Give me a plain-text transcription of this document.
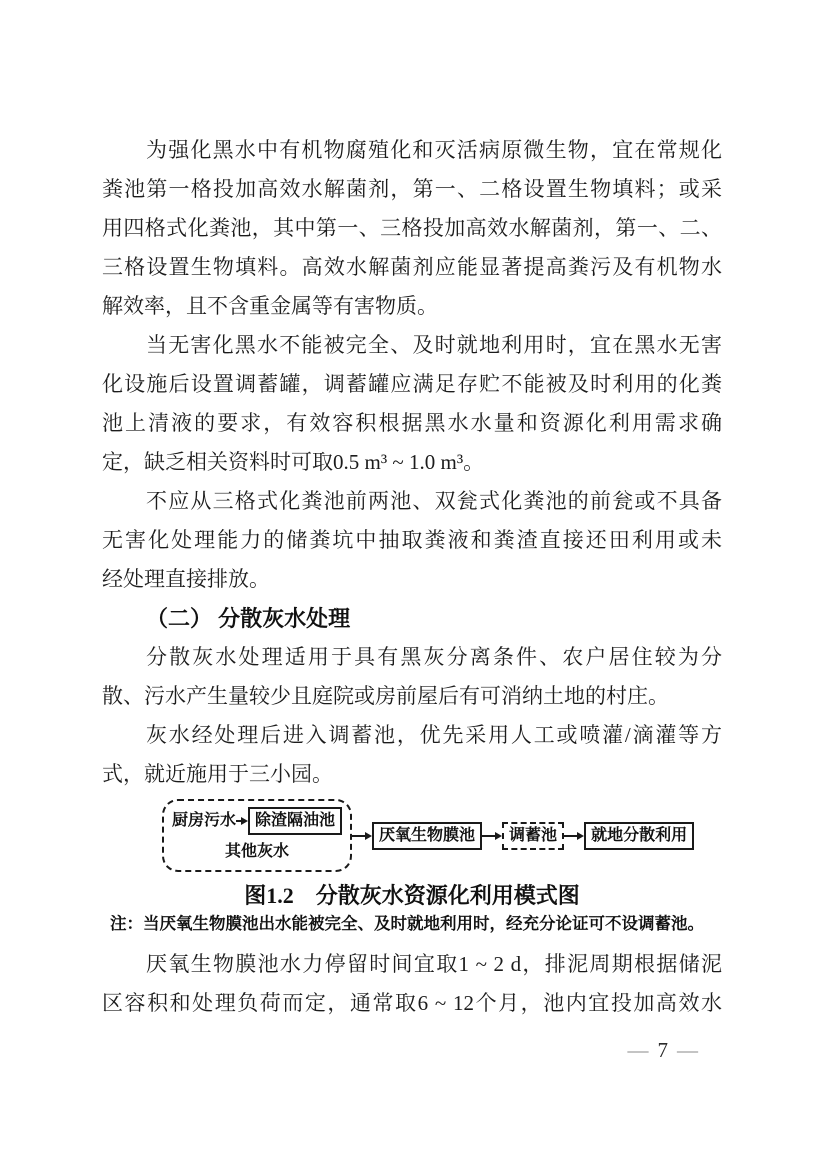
为强化黑水中有机物腐殖化和灭活病原微生物，宜在常规化
粪池第一格投加高效水解菌剂，第一、二格设置生物填料；或采
用四格式化粪池，其中第一、三格投加高效水解菌剂，第一、二、
三格设置生物填料。高效水解菌剂应能显著提高粪污及有机物水
解效率，且不含重金属等有害物质。
当无害化黑水不能被完全、及时就地利用时，宜在黑水无害
化设施后设置调蓄罐，调蓄罐应满足存贮不能被及时利用的化粪
池上清液的要求，有效容积根据黑水水量和资源化利用需求确
定，缺乏相关资料时可取0.5 m³ ~ 1.0 m³。
不应从三格式化粪池前两池、双瓮式化粪池的前瓮或不具备
无害化处理能力的储粪坑中抽取粪液和粪渣直接还田利用或未
经处理直接排放。
（二） 分散灰水处理
分散灰水处理适用于具有黑灰分离条件、农户居住较为分
散、污水产生量较少且庭院或房前屋后有可消纳土地的村庄。
灰水经处理后进入调蓄池，优先采用人工或喷灌/滴灌等方
式，就近施用于三小园。
厨房污水	除渣隔油池
其他灰水
厌氧生物膜池	调蓄池	就地分散利用
图1.2　分散灰水资源化利用模式图
注：当厌氧生物膜池出水能被完全、及时就地利用时，经充分论证可不设调蓄池。
厌氧生物膜池水力停留时间宜取1 ~ 2 d，排泥周期根据储泥
区容积和处理负荷而定，通常取6 ~ 12个月，池内宜投加高效水
— 7 —
